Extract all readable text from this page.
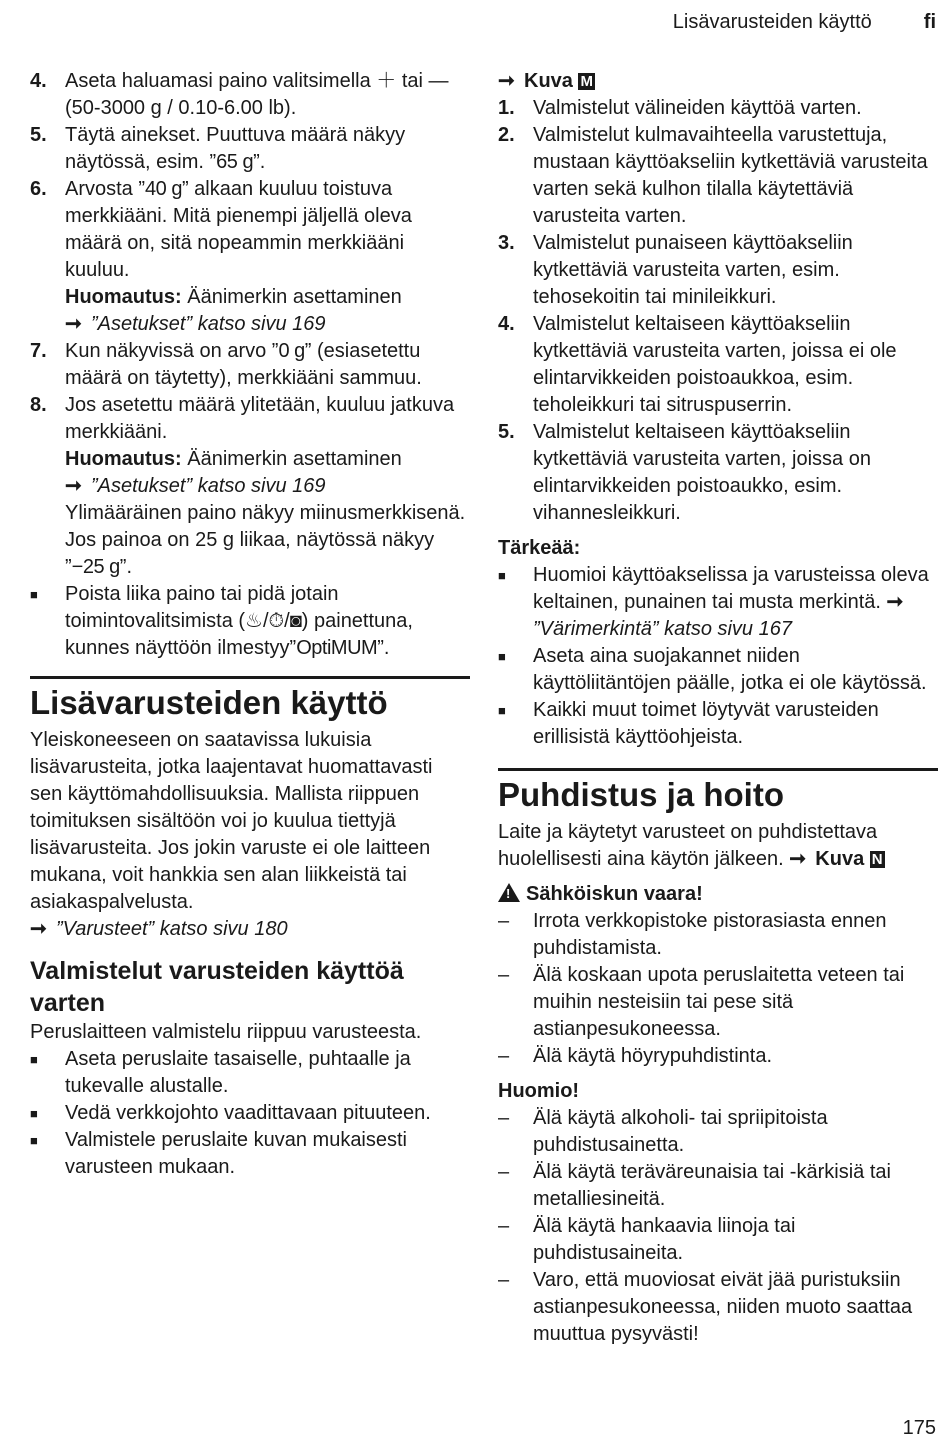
Lisävarusteiden käyttö	fi
4. Aseta haluamasi paino valitsimella ＋ tai — (50-3000 g / 0.10-6.00 lb).
5. Täytä ainekset. Puuttuva määrä näkyy näytössä, esim. ”65 g”.
6. Arvosta ”40 g” alkaan kuuluu toistuva merkkiääni. Mitä pienempi jäljellä oleva määrä on, sitä nopeammin merkkiääni kuuluu.
Huomautus: Äänimerkin asettaminen
➞ ”Asetukset” katso sivu 169
7. Kun näkyvissä on arvo ”0 g” (esiasetettu määrä on täytetty), merkkiääni sammuu.
8. Jos asetettu määrä ylitetään, kuuluu jatkuva merkkiääni.
Huomautus: Äänimerkin asettaminen
➞ ”Asetukset” katso sivu 169
Ylimääräinen paino näkyy miinusmerkkisenä. Jos painoa on 25 g liikaa, näytössä näkyy ”−25 g”.
■	Poista liika paino tai pidä jotain toimintovalitsimista (♨/⏱/◙) painettuna, kunnes näyttöön ilmestyy”OptiMUM”.
Lisävarusteiden käyttö
Yleiskoneeseen on saatavissa lukuisia lisävarusteita, jotka laajentavat huomattavasti sen käyttömahdollisuuksia. Mallista riippuen toimituksen sisältöön voi jo kuulua tiettyjä lisävarusteita. Jos jokin varuste ei ole laitteen mukana, voit hankkia sen alan liikkeistä tai asiakaspalvelusta.
➞ ”Varusteet” katso sivu 180
Valmistelut varusteiden käyttöä varten
Peruslaitteen valmistelu riippuu varusteesta.
■	Aseta peruslaite tasaiselle, puhtaalle ja tukevalle alustalle.
■	Vedä verkkojohto vaadittavaan pituuteen.
■	Valmistele peruslaite kuvan mukaisesti varusteen mukaan.
➞ Kuva M
1. Valmistelut välineiden käyttöä varten.
2. Valmistelut kulmavaihteella varustettuja, mustaan käyttöakseliin kytkettäviä varusteita varten sekä kulhon tilalla käytettäviä varusteita varten.
3. Valmistelut punaiseen käyttöakseliin kytkettäviä varusteita varten, esim. tehosekoitin tai minileikkuri.
4. Valmistelut keltaiseen käyttöakseliin kytkettäviä varusteita varten, joissa ei ole elintarvikkeiden poistoaukkoa, esim. teholeikkuri tai sitruspuserrin.
5. Valmistelut keltaiseen käyttöakseliin kytkettäviä varusteita varten, joissa on elintarvikkeiden poistoaukko, esim. vihannesleikkuri.
Tärkeää:
■	Huomioi käyttöakselissa ja varusteissa oleva keltainen, punainen tai musta merkintä. ➞”Värimerkintä” katso sivu 167
■	Aseta aina suojakannet niiden käyttöliitäntöjen päälle, jotka ei ole käytössä.
■	Kaikki muut toimet löytyvät varusteiden erillisistä käyttöohjeista.
Puhdistus ja hoito
Laite ja käytetyt varusteet on puhdistettava huolellisesti aina käytön jälkeen. ➞ Kuva N
!Sähköiskun vaara!
–	Irrota verkkopistoke pistorasiasta ennen puhdistamista.
–	Älä koskaan upota peruslaitetta veteen tai muihin nesteisiin tai pese sitä astianpesukoneessa.
–	Älä käytä höyrypuhdistinta.
Huomio!
–	Älä käytä alkoholi- tai spriipitoista puhdistusainetta.
–	Älä käytä teräväreunaisia tai -kärkisiä tai metalliesineitä.
–	Älä käytä hankaavia liinoja tai puhdistusaineita.
–	Varo, että muoviosat eivät jää puristuksiin astianpesukoneessa, niiden muoto saattaa muuttua pysyvästi!
175
